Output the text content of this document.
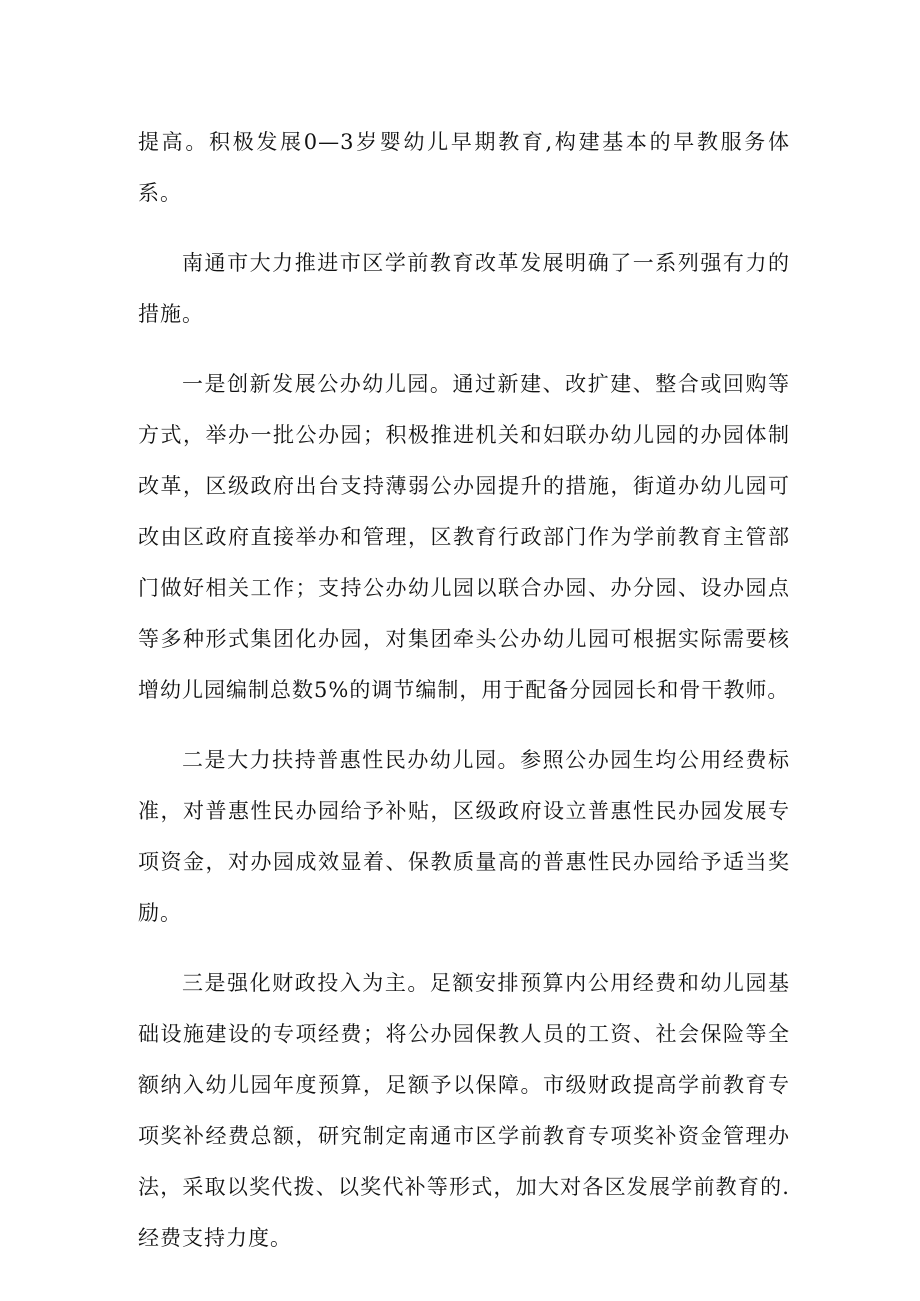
提高。积极发展0—3岁婴幼儿早期教育,构建基本的早教服务体系。

南通市大力推进市区学前教育改革发展明确了一系列强有力的措施。

一是创新发展公办幼儿园。通过新建、改扩建、整合或回购等方式，举办一批公办园；积极推进机关和妇联办幼儿园的办园体制改革，区级政府出台支持薄弱公办园提升的措施，街道办幼儿园可改由区政府直接举办和管理，区教育行政部门作为学前教育主管部门做好相关工作；支持公办幼儿园以联合办园、办分园、设办园点等多种形式集团化办园，对集团牵头公办幼儿园可根据实际需要核增幼儿园编制总数5%的调节编制，用于配备分园园长和骨干教师。

二是大力扶持普惠性民办幼儿园。参照公办园生均公用经费标准，对普惠性民办园给予补贴，区级政府设立普惠性民办园发展专项资金，对办园成效显着、保教质量高的普惠性民办园给予适当奖励。

三是强化财政投入为主。足额安排预算内公用经费和幼儿园基础设施建设的专项经费；将公办园保教人员的工资、社会保险等全额纳入幼儿园年度预算，足额予以保障。市级财政提高学前教育专项奖补经费总额，研究制定南通市区学前教育专项奖补资金管理办法，采取以奖代拨、以奖代补等形式，加大对各区发展学前教育的.经费支持力度。
